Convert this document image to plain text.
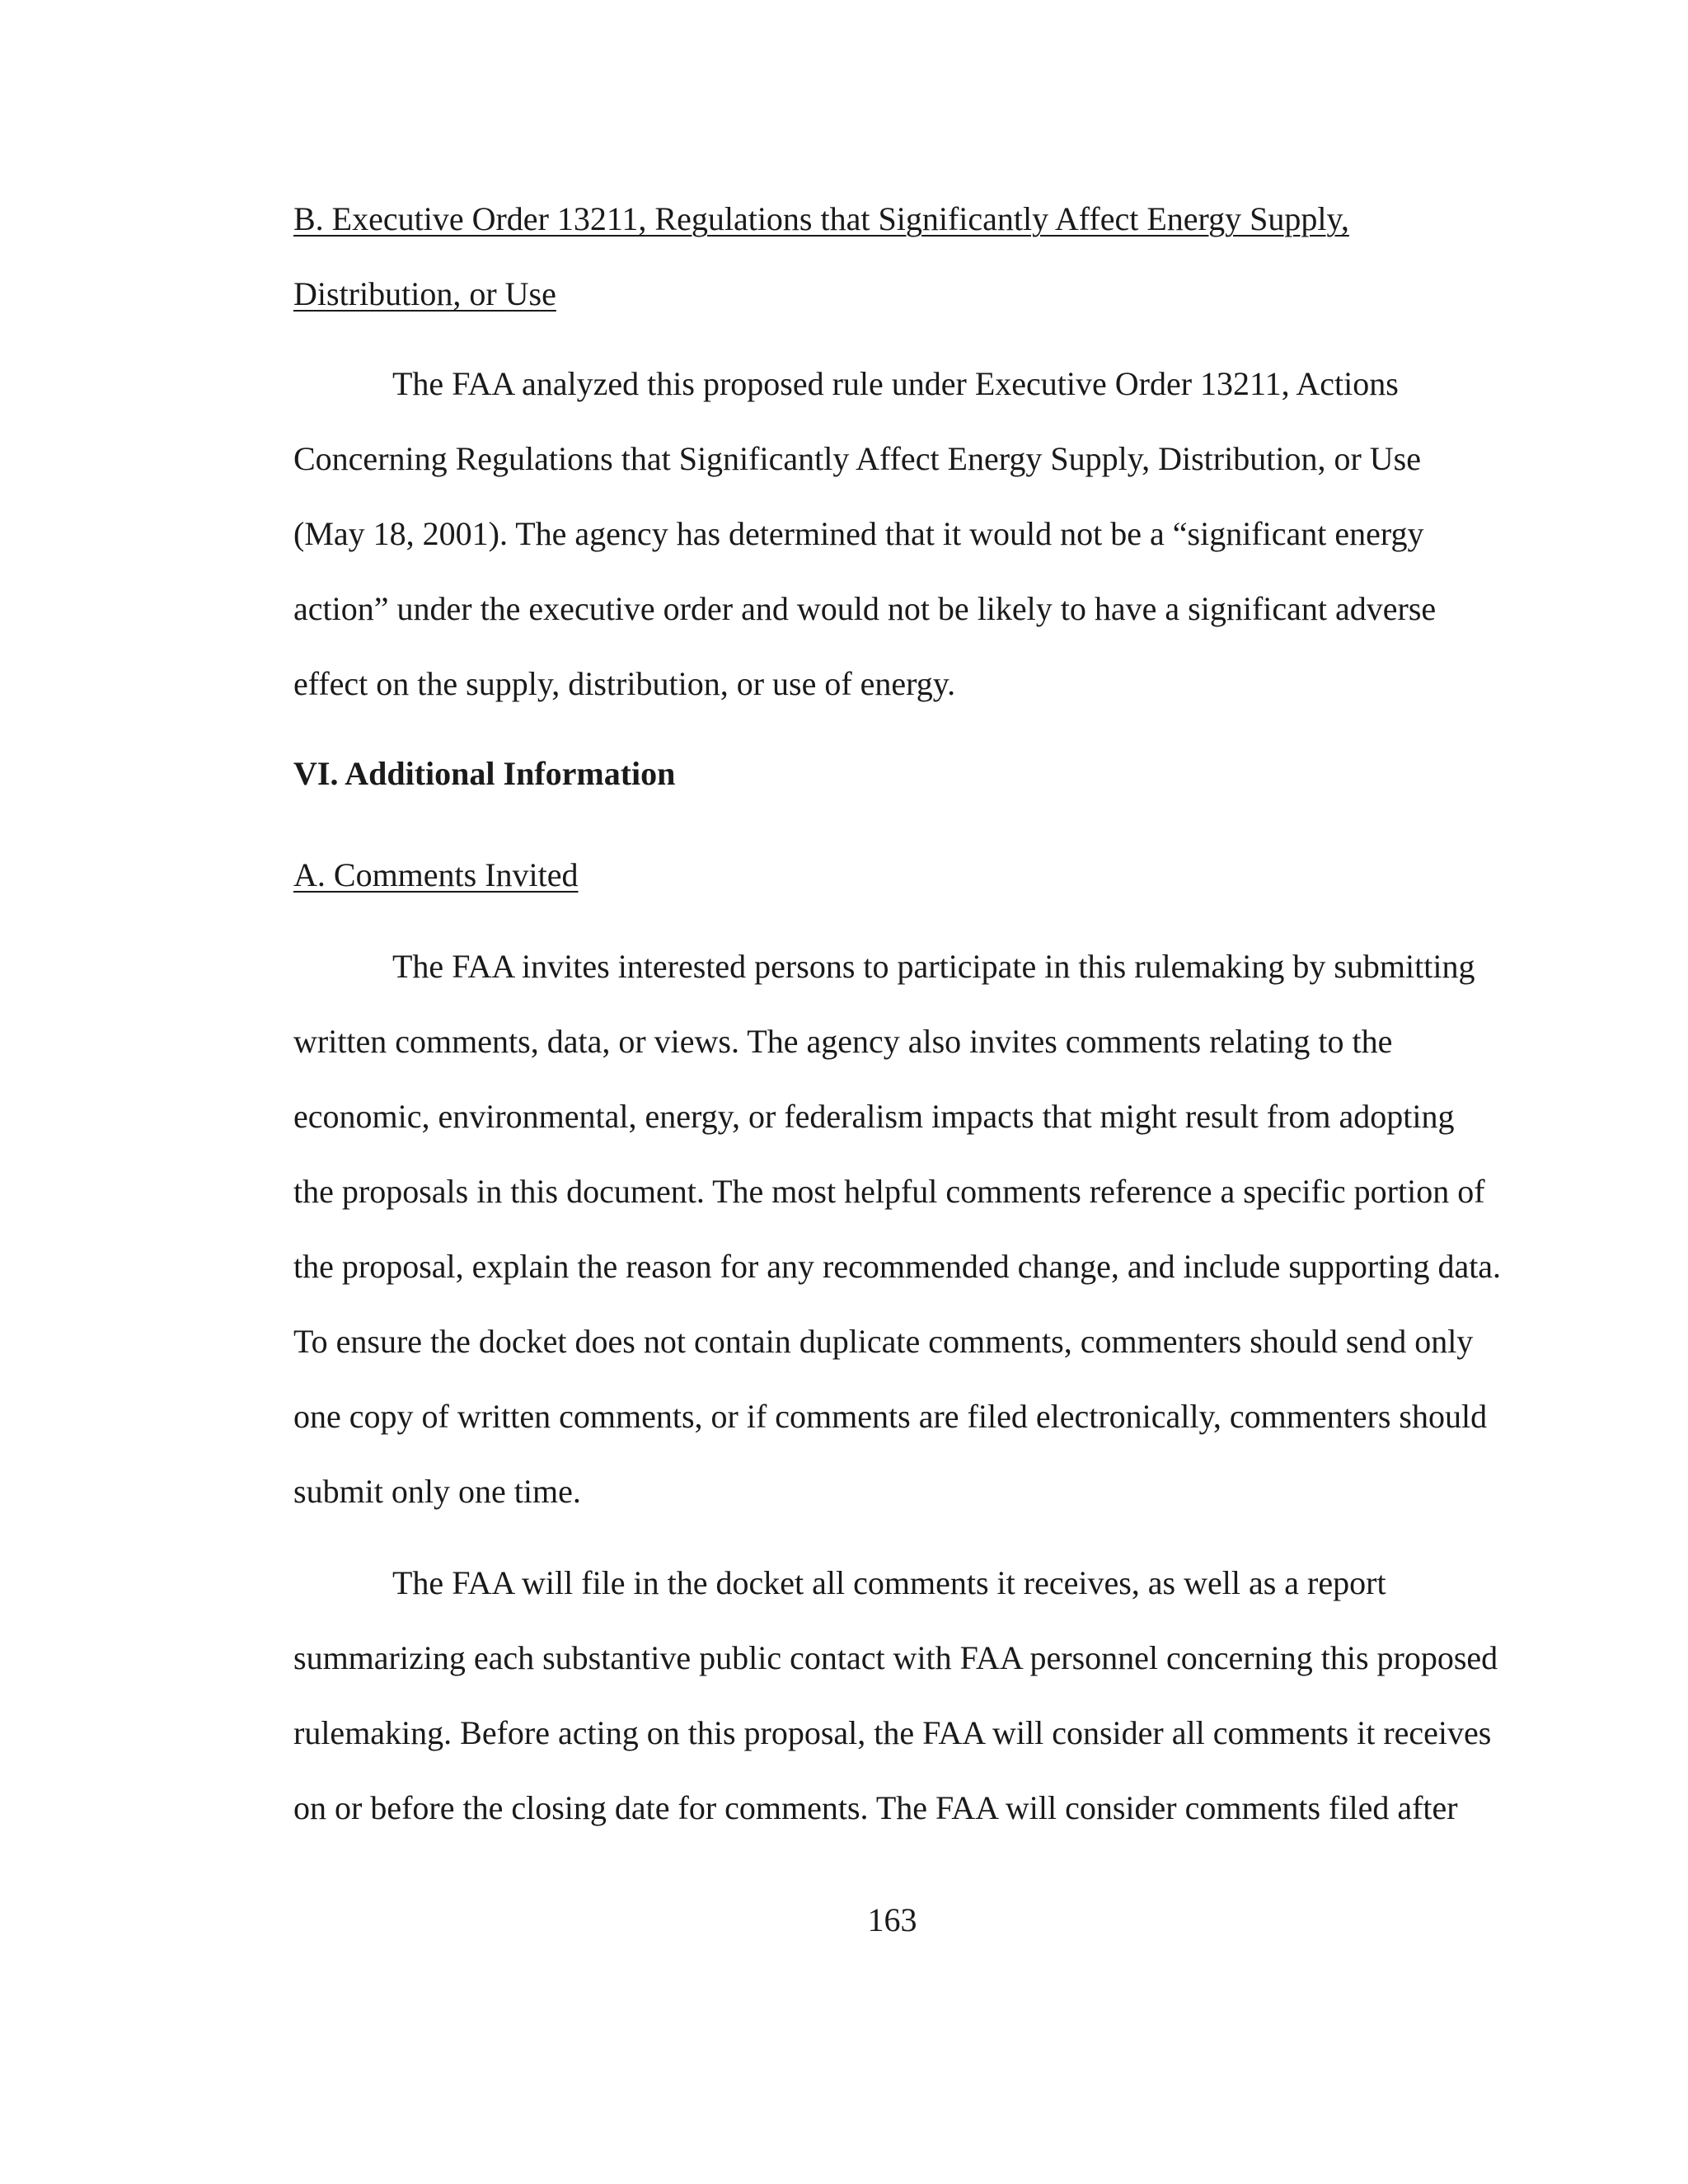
B. Executive Order 13211, Regulations that Significantly Affect Energy Supply,

Distribution, or Use

The FAA analyzed this proposed rule under Executive Order 13211, Actions

Concerning Regulations that Significantly Affect Energy Supply, Distribution, or Use

(May 18, 2001). The agency has determined that it would not be a “significant energy

action” under the executive order and would not be likely to have a significant adverse

effect on the supply, distribution, or use of energy.

VI. Additional Information

A. Comments Invited

The FAA invites interested persons to participate in this rulemaking by submitting

written comments, data, or views. The agency also invites comments relating to the

economic, environmental, energy, or federalism impacts that might result from adopting

the proposals in this document. The most helpful comments reference a specific portion of

the proposal, explain the reason for any recommended change, and include supporting data.

To ensure the docket does not contain duplicate comments, commenters should send only

one copy of written comments, or if comments are filed electronically, commenters should

submit only one time.

The FAA will file in the docket all comments it receives, as well as a report

summarizing each substantive public contact with FAA personnel concerning this proposed

rulemaking. Before acting on this proposal, the FAA will consider all comments it receives

on or before the closing date for comments. The FAA will consider comments filed after

163
